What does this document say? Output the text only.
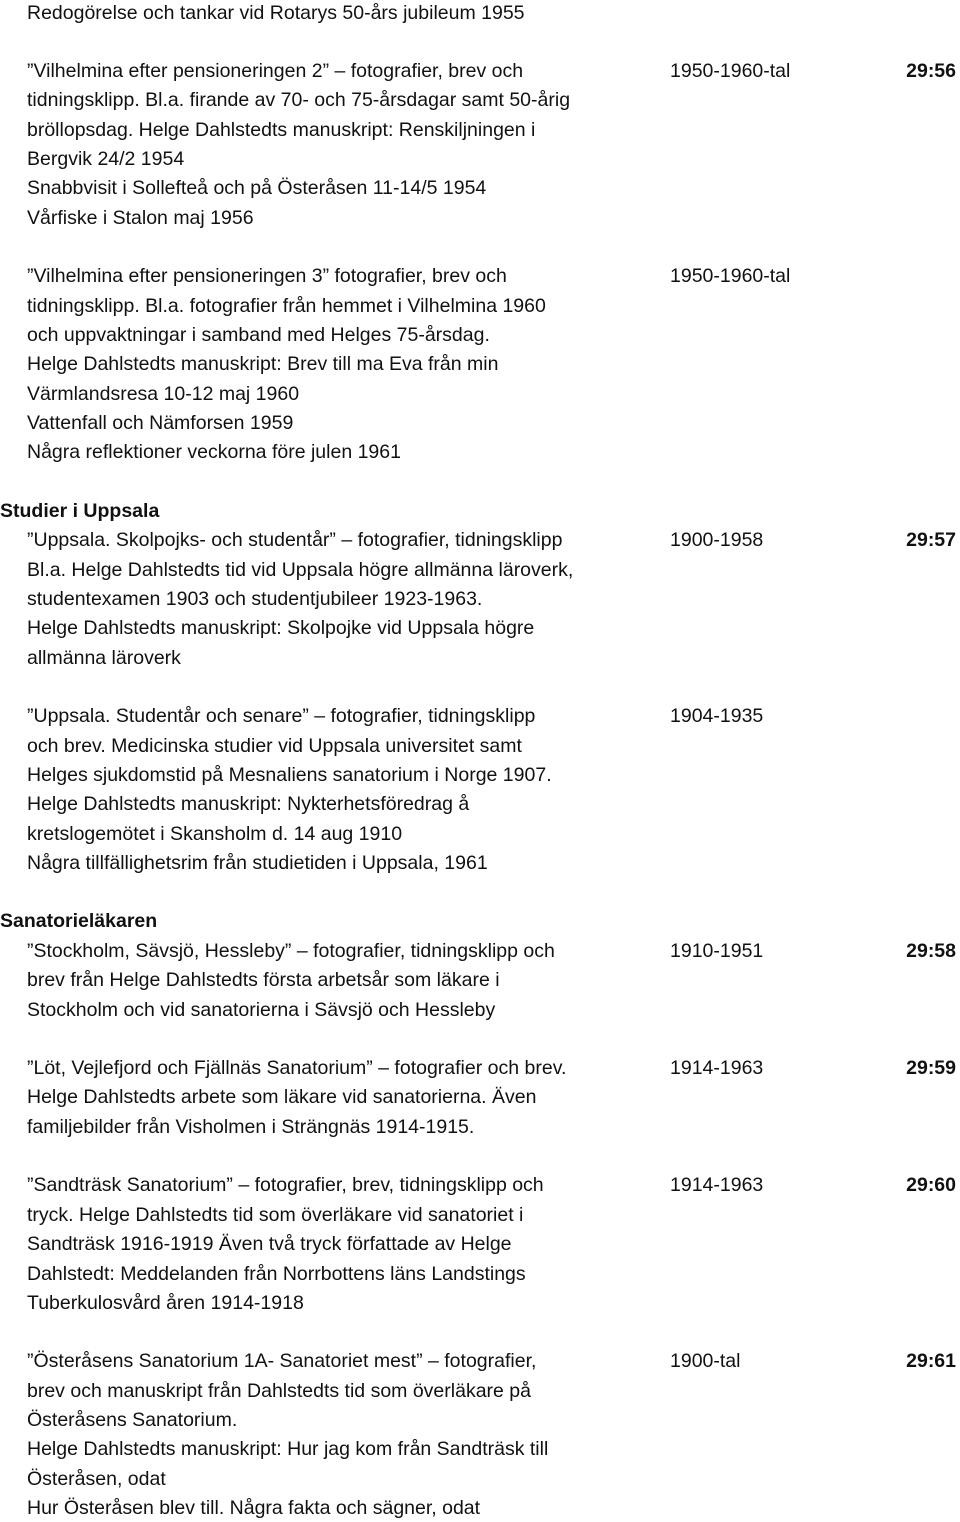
Redogörelse och tankar vid Rotarys 50-års jubileum 1955
”Vilhelmina efter pensioneringen 2” – fotografier, brev och
tidningsklipp. Bl.a. firande av 70- och 75-årsdagar samt 50-årig
bröllopsdag. Helge Dahlstedts manuskript: Renskiljningen i
Bergvik 24/2 1954
Snabbvisit i Sollefteå och på Österåsen 11-14/5 1954
Vårfiske i Stalon maj 1956
1950-1960-tal	29:56
”Vilhelmina efter pensioneringen 3” fotografier, brev och
tidningsklipp. Bl.a. fotografier från hemmet i Vilhelmina 1960
och uppvaktningar i samband med Helges 75-årsdag.
Helge Dahlstedts manuskript: Brev till ma Eva från min
Värmlandsresa 10-12 maj 1960
Vattenfall och Nämforsen 1959
Några reflektioner veckorna före julen 1961
1950-1960-tal
Studier i Uppsala
”Uppsala. Skolpojks- och studentår” – fotografier, tidningsklipp
Bl.a. Helge Dahlstedts tid vid Uppsala högre allmänna läroverk,
studentexamen 1903 och studentjubileer 1923-1963.
Helge Dahlstedts manuskript: Skolpojke vid Uppsala högre
allmänna läroverk
1900-1958	29:57
”Uppsala. Studentår och senare” – fotografier, tidningsklipp
och brev. Medicinska studier vid Uppsala universitet samt
Helges sjukdomstid på Mesnaliens sanatorium i Norge 1907.
Helge Dahlstedts manuskript: Nykterhetsföredrag å
kretslogemötet i Skansholm d. 14 aug 1910
Några tillfällighetsrim från studietiden i Uppsala, 1961
1904-1935
Sanatorieläkaren
”Stockholm, Sävsjö, Hessleby” – fotografier, tidningsklipp och
brev från Helge Dahlstedts första arbetsår som läkare i
Stockholm och vid sanatorierna i Sävsjö och Hessleby
1910-1951	29:58
”Löt, Vejlefjord och Fjällnäs Sanatorium” – fotografier och brev.
Helge Dahlstedts arbete som läkare vid sanatorierna. Även
familjebilder från Visholmen i Strängnäs 1914-1915.
1914-1963	29:59
”Sandträsk Sanatorium” – fotografier, brev, tidningsklipp och
tryck. Helge Dahlstedts tid som överläkare vid sanatoriet i
Sandträsk 1916-1919 Även två tryck författade av Helge
Dahlstedt: Meddelanden från Norrbottens läns Landstings
Tuberkulosvård åren 1914-1918
1914-1963	29:60
”Österåsens Sanatorium 1A- Sanatoriet mest” – fotografier,
brev och manuskript från Dahlstedts tid som överläkare på
Österåsens Sanatorium.
Helge Dahlstedts manuskript: Hur jag kom från Sandträsk till
Österåsen, odat
Hur Österåsen blev till. Några fakta och sägner, odat
1900-tal	29:61
